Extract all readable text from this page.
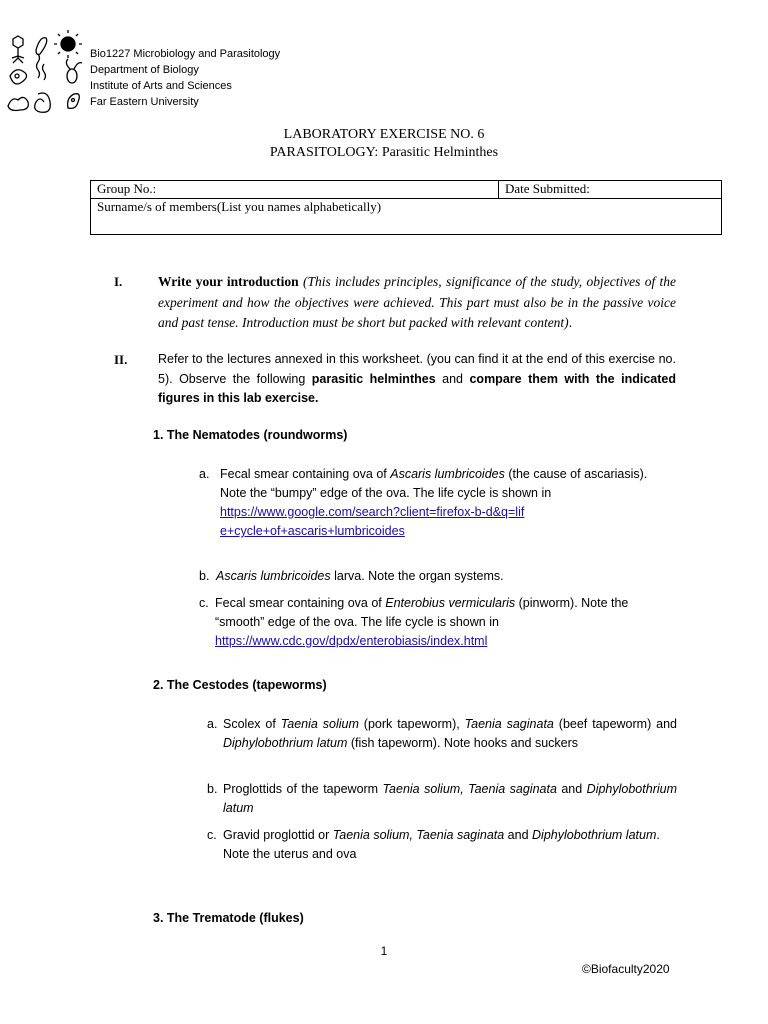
Bio1227 Microbiology and Parasitology
Department of Biology
Institute of Arts and Sciences
Far Eastern University
LABORATORY EXERCISE NO. 6
PARASITOLOGY: Parasitic Helminthes
Group No.:	Date Submitted:
Surname/s of members(List you names alphabetically)
I.	Write your introduction (This includes principles, significance of the study, objectives of the experiment and how the objectives were achieved. This part must also be in the passive voice and past tense. Introduction must be short but packed with relevant content).
II. Refer to the lectures annexed in this worksheet. (you can find it at the end of this exercise no. 5). Observe the following parasitic helminthes and compare them with the indicated figures in this lab exercise.
1. The Nematodes (roundworms)
a. Fecal smear containing ova of Ascaris lumbricoides (the cause of ascariasis). Note the “bumpy” edge of the ova. The life cycle is shown in
https://www.google.com/search?client=firefox-b-d&q=life+cycle+of+ascaris+lumbricoides
b. Ascaris lumbricoides larva. Note the organ systems.
c. Fecal smear containing ova of Enterobius vermicularis (pinworm). Note the “smooth” edge of the ova. The life cycle is shown in
https://www.cdc.gov/dpdx/enterobiasis/index.html
2. The Cestodes (tapeworms)
a. Scolex of Taenia solium (pork tapeworm), Taenia saginata (beef tapeworm) and Diphylobothrium latum (fish tapeworm). Note hooks and suckers
b. Proglottids of the tapeworm Taenia solium, Taenia saginata and Diphylobothrium latum
c. Gravid proglottid or Taenia solium, Taenia saginata and Diphylobothrium latum. Note the uterus and ova
3. The Trematode (flukes)
1
©Biofaculty2020
